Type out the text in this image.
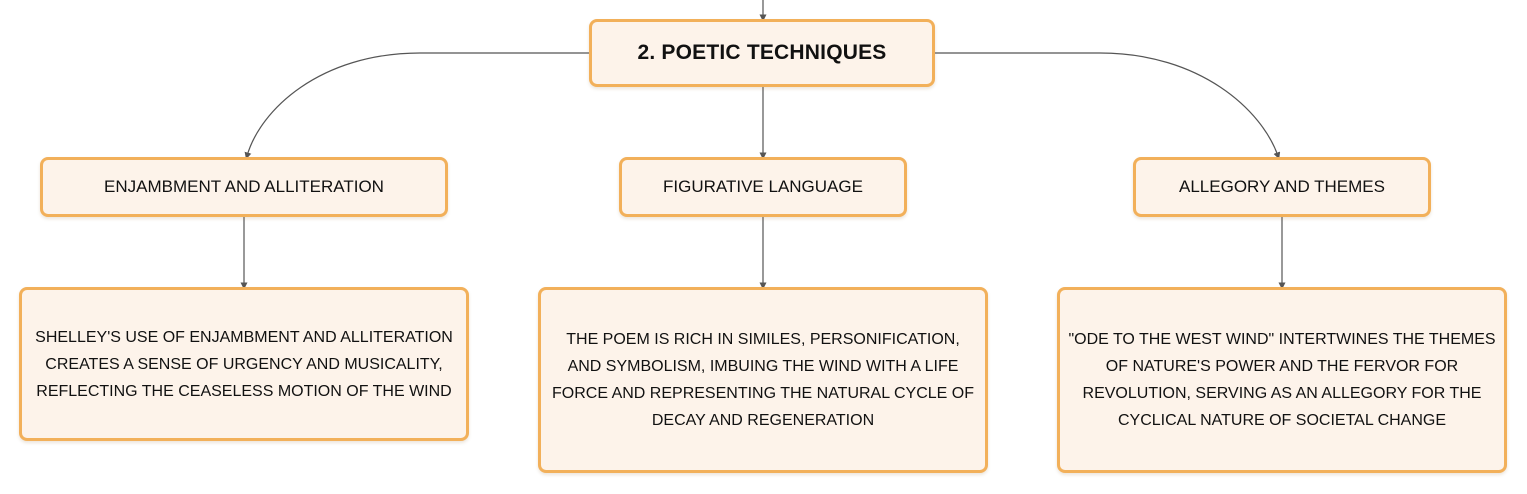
2. POETIC TECHNIQUES
ENJAMBMENT AND ALLITERATION	FIGURATIVE LANGUAGE	ALLEGORY AND THEMES
SHELLEY'S USE OF ENJAMBMENT AND ALLITERATION CREATES A SENSE OF URGENCY AND MUSICALITY, REFLECTING THE CEASELESS MOTION OF THE WIND
THE POEM IS RICH IN SIMILES, PERSONIFICATION, AND SYMBOLISM, IMBUING THE WIND WITH A LIFE FORCE AND REPRESENTING THE NATURAL CYCLE OF DECAY AND REGENERATION
"ODE TO THE WEST WIND" INTERTWINES THE THEMES OF NATURE'S POWER AND THE FERVOR FOR REVOLUTION, SERVING AS AN ALLEGORY FOR THE CYCLICAL NATURE OF SOCIETAL CHANGE
